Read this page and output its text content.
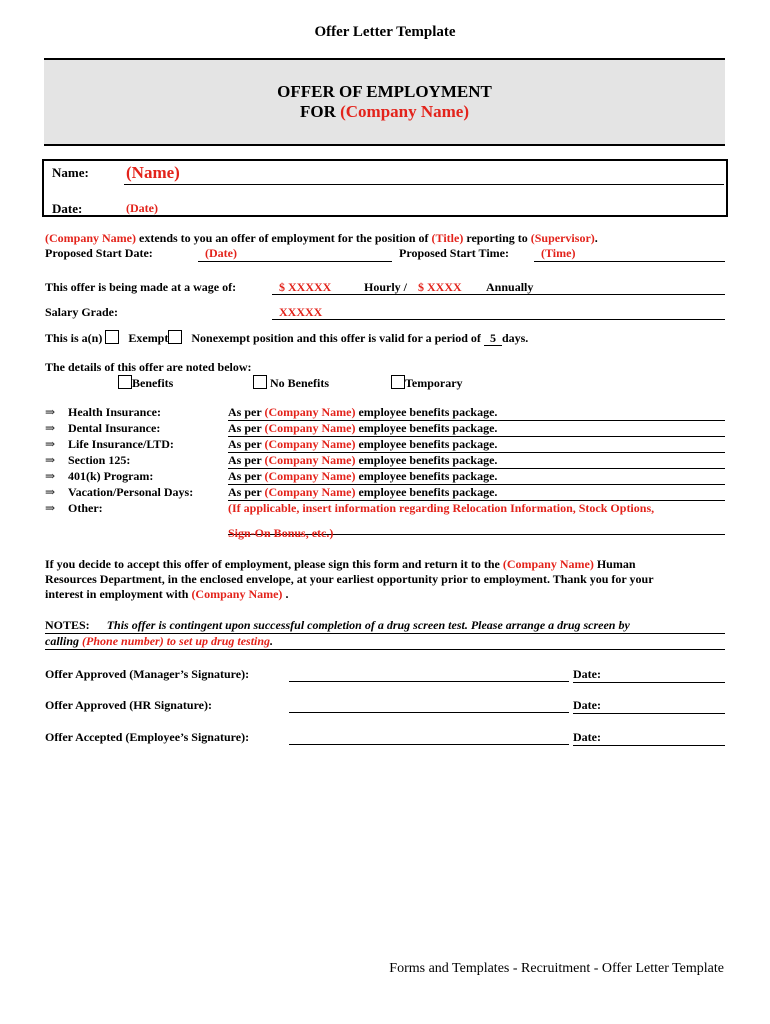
Offer Letter Template
OFFER OF EMPLOYMENT
FOR (Company Name)
Name: (Name)
Date:	(Date)
(Company Name) extends to you an offer of employment for the position of (Title) reporting to (Supervisor).
Proposed Start Date:	(Date)	Proposed Start Time:	(Time)
This offer is being made at a wage of:	$ XXXXX	Hourly / $ XXXX Annually
Salary Grade:	XXXXX
This is a(n) Exempt Nonexempt position and this offer is valid for a period of 5 days.
The details of this offer are noted below:
Benefits	No Benefits	Temporary
⇒ Health Insurance:	As per (Company Name) employee benefits package.
⇒ Dental Insurance:	As per (Company Name) employee benefits package.
⇒ Life Insurance/LTD:	As per (Company Name) employee benefits package.
⇒ Section 125:	As per (Company Name) employee benefits package.
⇒ 401(k) Program:	As per (Company Name) employee benefits package.
⇒ Vacation/Personal Days:	As per (Company Name) employee benefits package.
⇒ Other:	(If applicable, insert information regarding Relocation Information, Stock Options,
Sign-On Bonus, etc.)
If you decide to accept this offer of employment, please sign this form and return it to the (Company Name) Human
Resources Department, in the enclosed envelope, at your earliest opportunity prior to employment. Thank you for your
interest in employment with (Company Name) .
NOTES: This offer is contingent upon successful completion of a drug screen test. Please arrange a drug screen by
calling (Phone number) to set up drug testing.
Offer Approved (Manager’s Signature):	Date:
Offer Approved (HR Signature):	Date:
Offer Accepted (Employee’s Signature):	Date:
Forms and Templates - Recruitment - Offer Letter Template
